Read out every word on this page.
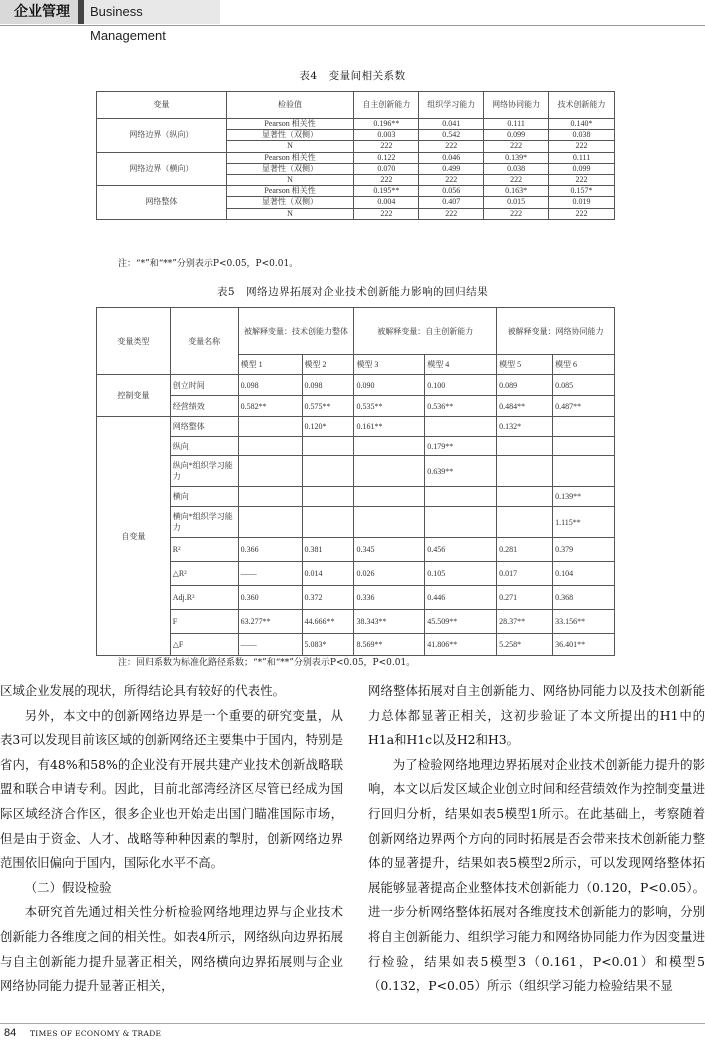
企业管理	Business Management
表4　变量间相关系数
变量	检验值	自主创新能力	组织学习能力	网络协同能力	技术创新能力
网络边界（纵向）	Pearson 相关性	0.196**	0.041	0.111	0.140*
	显著性（双侧）	0.003	0.542	0.099	0.038
	N	222	222	222	222
网络边界（横向）	Pearson 相关性	0.122	0.046	0.139*	0.111
	显著性（双侧）	0.070	0.499	0.038	0.099
	N	222	222	222	222
网络整体	Pearson 相关性	0.195**	0.056	0.163*	0.157*
	显著性（双侧）	0.004	0.407	0.015	0.019
	N	222	222	222	222
注：“*”和“**”分别表示P<0.05，P<0.01。
表5　网络边界拓展对企业技术创新能力影响的回归结果
变量类型	变量名称	被解释变量：技术创能力整体		被解释变量：自主创新能力		被解释变量：网络协同能力	
		模型 1	模型 2	模型 3	模型 4	模型 5	模型 6
控制变量	创立时间	0.098	0.098	0.090	0.100	0.089	0.085
	经营绩效	0.582**	0.575**	0.535**	0.536**	0.484**	0.487**
自变量	网络整体		0.120*	0.161**		0.132*	
	纵向				0.179**		
	纵向*组织学习能力				0.639**		
	横向						0.139**
	横向*组织学习能力						1.115**
	R²	0.366	0.381	0.345	0.456	0.281	0.379
	△R²	——	0.014	0.026	0.105	0.017	0.104
	Adj.R²	0.360	0.372	0.336	0.446	0.271	0.368
	F	63.277**	44.666**	38.343**	45.509**	28.37**	33.156**
	△F	——	5.083*	8.569**	41.806**	5.258*	36.401**
注：回归系数为标准化路径系数；“*”和“**”分别表示P<0.05，P<0.01。

区域企业发展的现状，所得结论具有较好的代表性。

另外，本文中的创新网络边界是一个重要的研究变量，从表3可以发现目前该区域的创新网络还主要集中于国内，特别是省内，有48%和58%的企业没有开展共建产业技术创新战略联盟和联合申请专利。因此，目前北部湾经济区尽管已经成为国际区域经济合作区，很多企业也开始走出国门瞄准国际市场，但是由于资金、人才、战略等种种因素的掣肘，创新网络边界范围依旧偏向于国内，国际化水平不高。

（二）假设检验

本研究首先通过相关性分析检验网络地理边界与企业技术创新能力各维度之间的相关性。如表4所示，网络纵向边界拓展与自主创新能力提升显著正相关，网络横向边界拓展则与企业网络协同能力提升显著正相关，

网络整体拓展对自主创新能力、网络协同能力以及技术创新能力总体都显著正相关，这初步验证了本文所提出的H1中的H1a和H1c以及H2和H3。

为了检验网络地理边界拓展对企业技术创新能力提升的影响，本文以后发区域企业创立时间和经营绩效作为控制变量进行回归分析，结果如表5模型1所示。在此基础上，考察随着创新网络边界两个方向的同时拓展是否会带来技术创新能力整体的显著提升，结果如表5模型2所示，可以发现网络整体拓展能够显著提高企业整体技术创新能力（0.120，P<0.05）。进一步分析网络整体拓展对各维度技术创新能力的影响，分别将自主创新能力、组织学习能力和网络协同能力作为因变量进行检验，结果如表5模型3（0.161，P<0.01）和模型5（0.132，P<0.05）所示（组织学习能力检验结果不显

84 TIMES OF ECONOMY & TRADE
